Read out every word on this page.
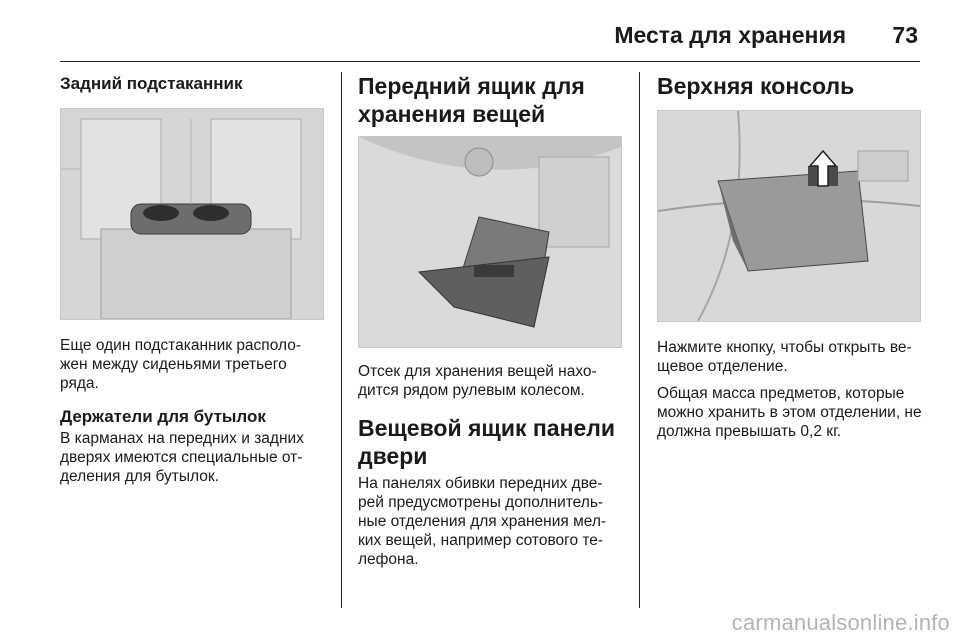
Места для хранения 73
Задний подстаканник

Еще один подстаканник располо-жен между сиденьями третьего ряда.

Держатели для бутылок

В карманах на передних и задних дверях имеются специальные от-деления для бутылок.

Передний ящик для хранения вещей

Отсек для хранения вещей нахо-дится рядом рулевым колесом.

Вещевой ящик панели двери

На панелях обивки передних две-рей предусмотрены дополнитель-ные отделения для хранения мел-ких вещей, например сотового те-лефона.

Верхняя консоль

Нажмите кнопку, чтобы открыть ве-щевое отделение.

Общая масса предметов, которые можно хранить в этом отделении, не должна превышать 0,2 кг.

carmanualsonline.info
